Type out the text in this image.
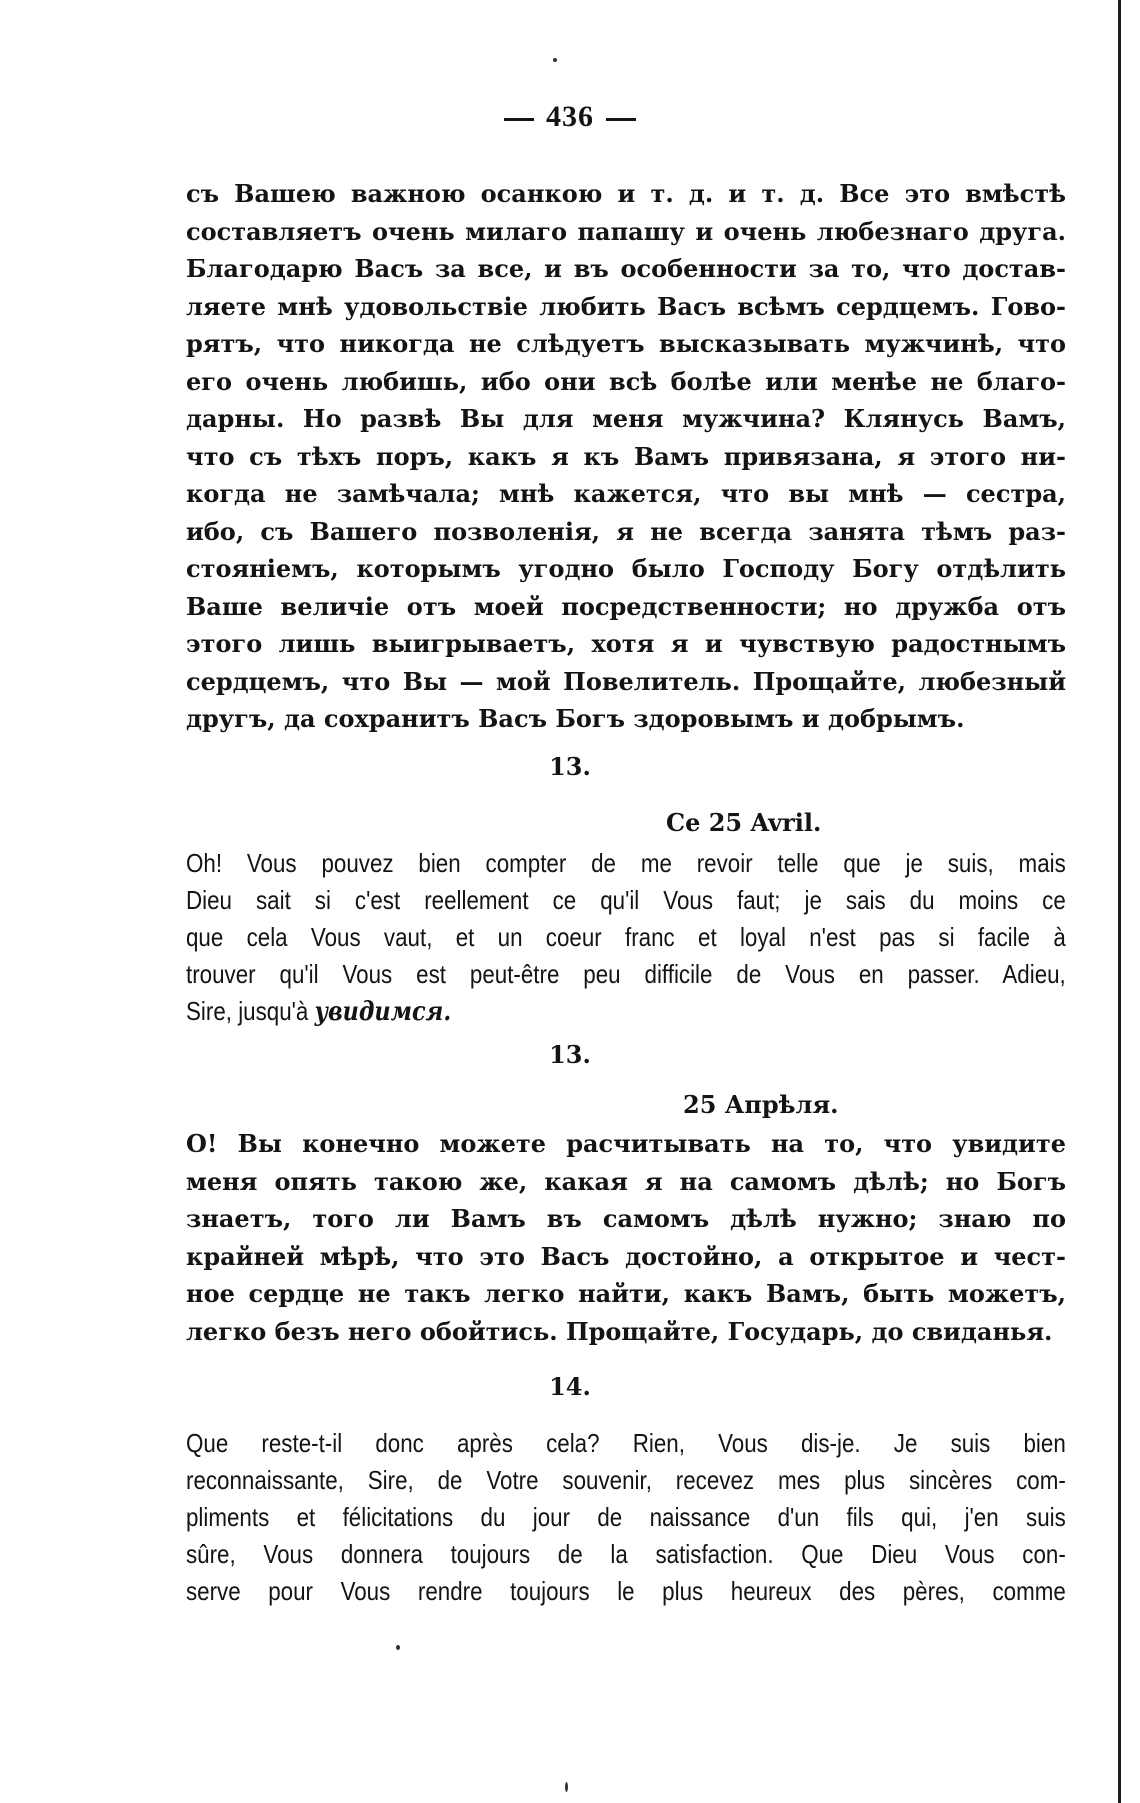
436
съ Вашею важною осанкою и т. д. и т. д. Все это вмѣстѣ
составляетъ очень милаго папашу и очень любезнаго друга.
Благодарю Васъ за все, и въ особенности за то, что достав-
ляете мнѣ удовольствіе любить Васъ всѣмъ сердцемъ. Гово-
рятъ, что никогда не слѣдуетъ высказывать мужчинѣ, что
его очень любишь, ибо они всѣ болѣе или менѣе не благо-
дарны. Но развѣ Вы для меня мужчина? Клянусь Вамъ,
что съ тѣхъ поръ, какъ я къ Вамъ привязана, я этого ни-
когда не замѣчала; мнѣ кажется, что вы мнѣ — сестра,
ибо, съ Вашего позволенія, я не всегда занята тѣмъ раз-
стояніемъ, которымъ угодно было Господу Богу отдѣлить
Ваше величіе отъ моей посредственности; но дружба отъ
этого лишь выигрываетъ, хотя я и чувствую радостнымъ
сердцемъ, что Вы — мой Повелитель. Прощайте, любезный
другъ, да сохранитъ Васъ Богъ здоровымъ и добрымъ.
13.
Ce 25 Avril.
Oh! Vous pouvez bien compter de me revoir telle que je suis, mais
Dieu sait si c'est reellement ce qu'il Vous faut; je sais du moins ce
que cela Vous vaut, et un coeur franc et loyal n'est pas si facile à
trouver qu'il Vous est peut-être peu difficile de Vous en passer. Adieu,
Sire, jusqu'à увидимся.
13.
25 Апрѣля.
О! Вы конечно можете расчитывать на то, что увидите
меня опять такою же, какая я на самомъ дѣлѣ; но Богъ
знаетъ, того ли Вамъ въ самомъ дѣлѣ нужно; знаю по
крайней мѣрѣ, что это Васъ достойно, а открытое и чест-
ное сердце не такъ легко найти, какъ Вамъ, быть можетъ,
легко безъ него обойтись. Прощайте, Государь, до свиданья.
14.
Que reste-t-il donc après cela? Rien, Vous dis-je. Je suis bien
reconnaissante, Sire, de Votre souvenir, recevez mes plus sincères com-
pliments et félicitations du jour de naissance d'un fils qui, j'en suis
sûre, Vous donnera toujours de la satisfaction. Que Dieu Vous con-
serve pour Vous rendre toujours le plus heureux des pères, comme
